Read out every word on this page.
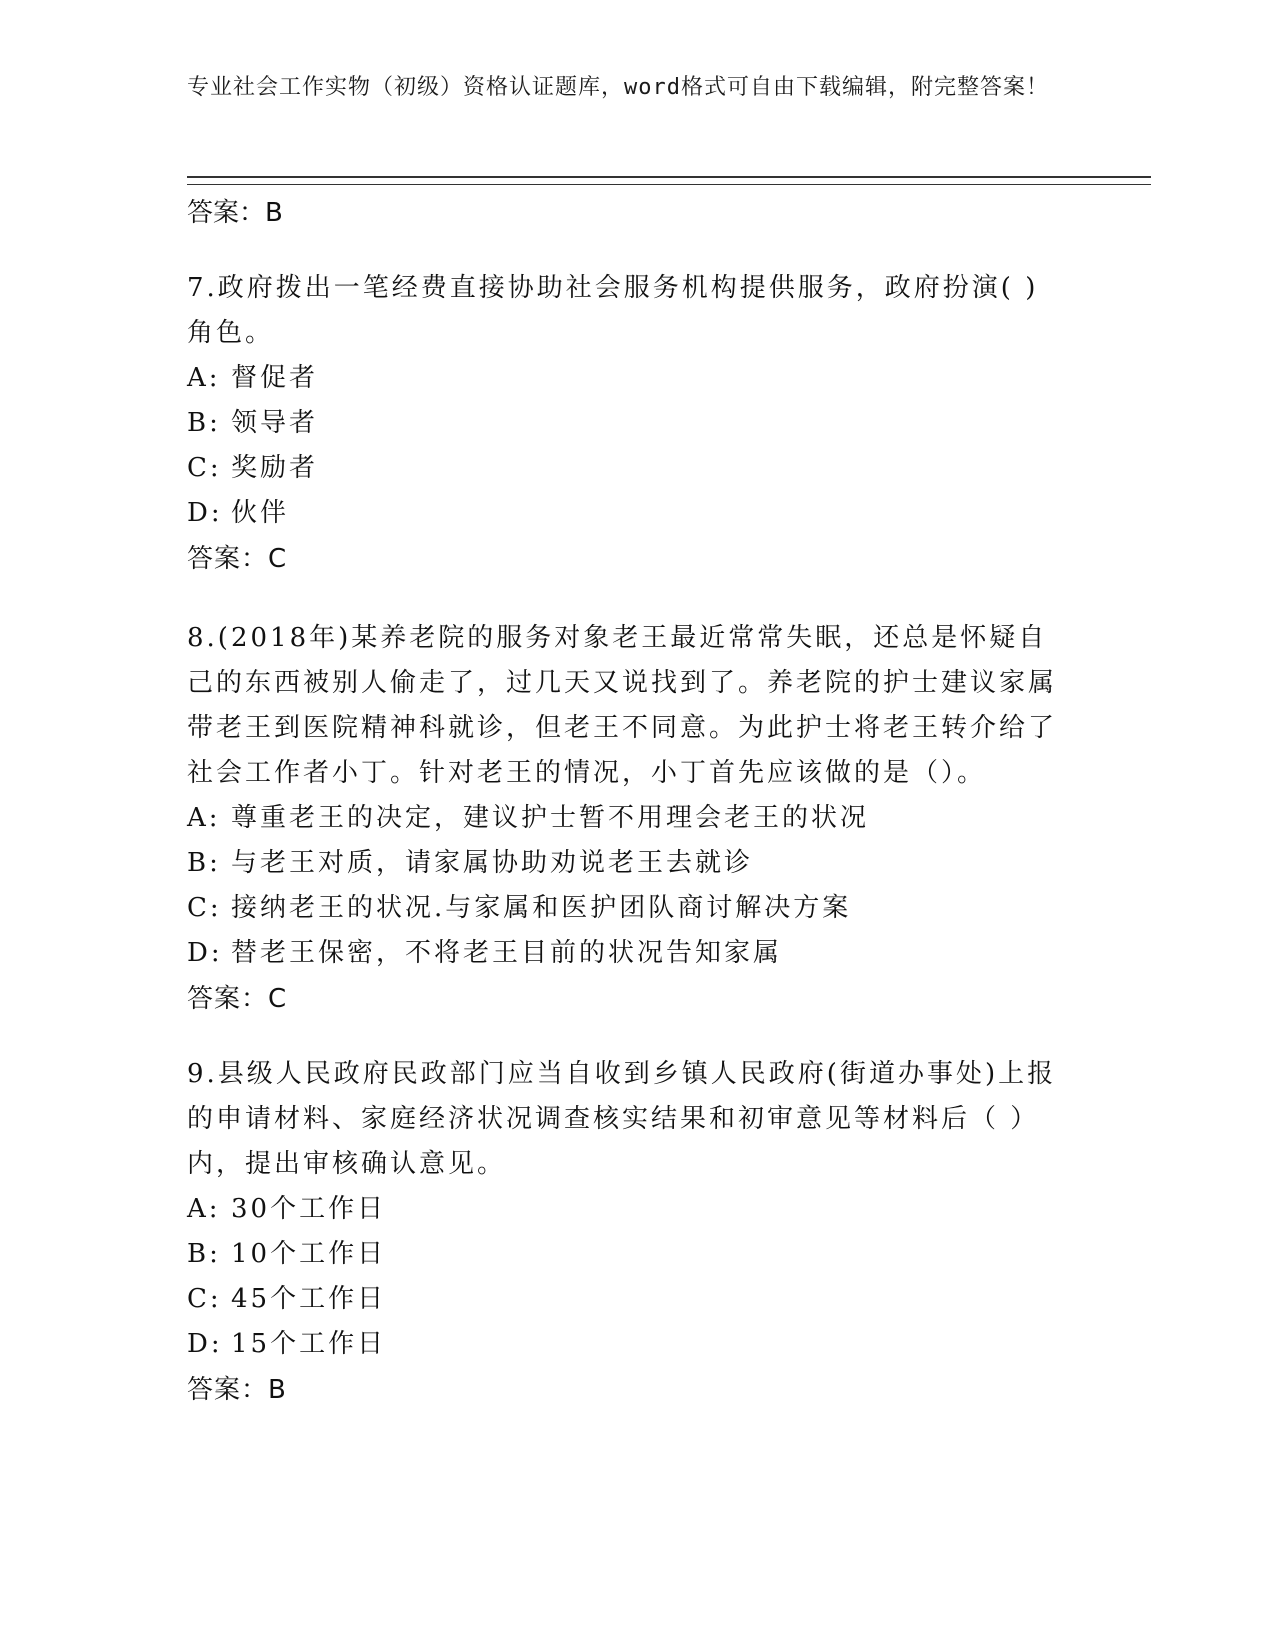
专业社会工作实物（初级）资格认证题库，word格式可自由下载编辑，附完整答案！
答案：B
7.政府拨出一笔经费直接协助社会服务机构提供服务，政府扮演( )角色。
A: 督促者
B: 领导者
C: 奖励者
D: 伙伴
答案：C
8.(2018年)某养老院的服务对象老王最近常常失眠，还总是怀疑自己的东西被别人偷走了，过几天又说找到了。养老院的护士建议家属带老王到医院精神科就诊，但老王不同意。为此护士将老王转介给了社会工作者小丁。针对老王的情况，小丁首先应该做的是（）。
A: 尊重老王的决定，建议护士暂不用理会老王的状况
B: 与老王对质，请家属协助劝说老王去就诊
C: 接纳老王的状况.与家属和医护团队商讨解决方案
D: 替老王保密，不将老王目前的状况告知家属
答案：C
9.县级人民政府民政部门应当自收到乡镇人民政府(街道办事处)上报的申请材料、家庭经济状况调查核实结果和初审意见等材料后（ ）内，提出审核确认意见。
A: 30个工作日
B: 10个工作日
C: 45个工作日
D: 15个工作日
答案：B
